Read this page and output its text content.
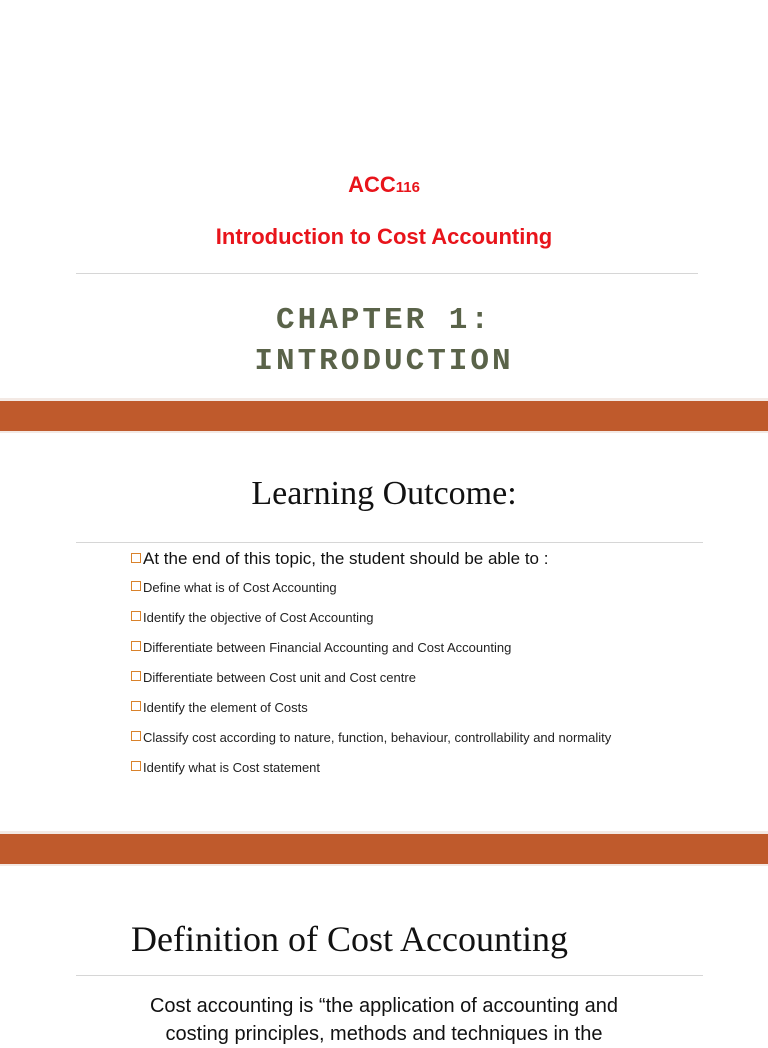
ACC116
Introduction to Cost Accounting
CHAPTER 1:
INTRODUCTION
Learning Outcome:
At the end of this topic, the student should be able to :
Define what is of Cost Accounting
Identify the objective of Cost Accounting
Differentiate between Financial Accounting and Cost Accounting
Differentiate between Cost unit and Cost centre
Identify the element of Costs
Classify cost according to nature, function, behaviour, controllability and normality
Identify what is Cost statement
Definition of Cost Accounting
Cost accounting is “the application of accounting and
costing principles, methods and techniques in the
